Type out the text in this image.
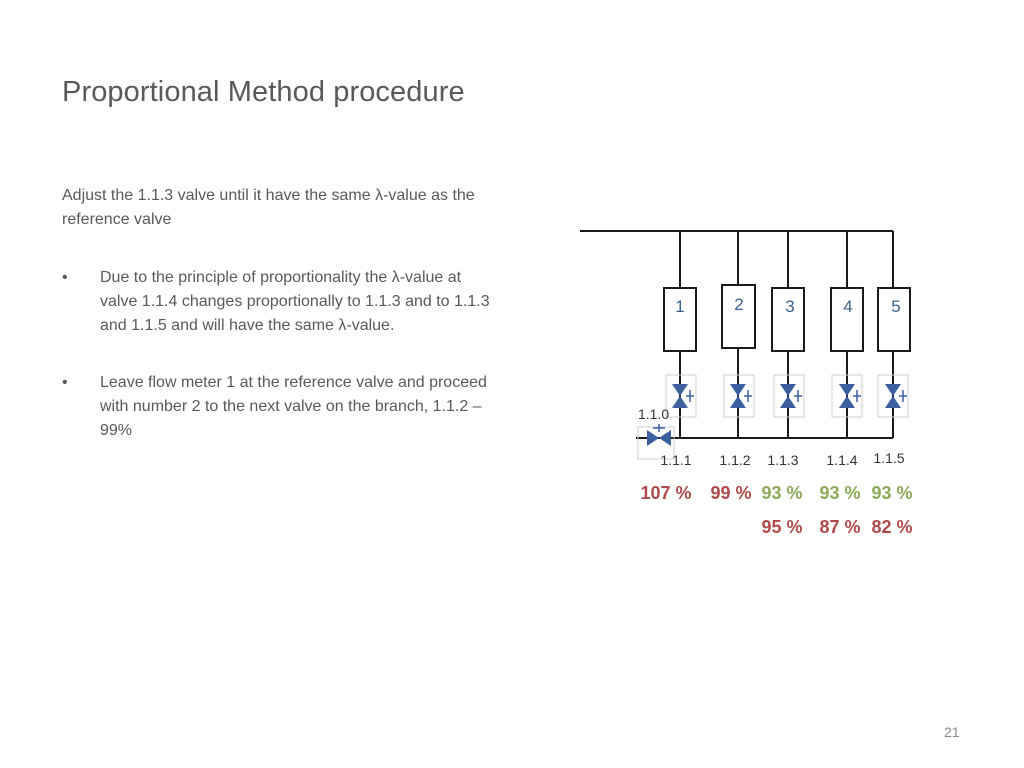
Proportional Method procedure
Adjust the 1.1.3 valve until it have the same λ-value as the reference valve
• Due to the principle of proportionality the λ-value at valve 1.1.4 changes proportionally to 1.1.3 and to 1.1.3 and 1.1.5 and will have the same λ-value.
• Leave flow meter 1 at the reference valve and proceed with number 2 to the next valve on the branch, 1.1.2 – 99%
1	2 3	4 5
1.1.0
1.1.1 1.1.2 1.1.3 1.1.4 1.1.5
107 % 99 % 93 % 93 % 93 %
95 % 87 % 82 %
21
